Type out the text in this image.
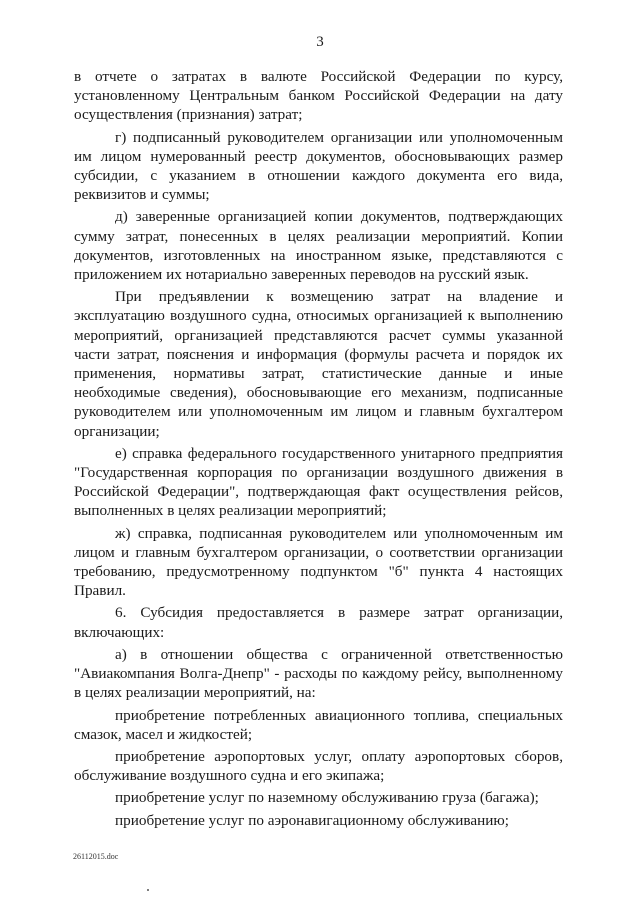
3

в отчете о затратах в валюте Российской Федерации по курсу, установленному Центральным банком Российской Федерации на дату осуществления (признания) затрат;

г) подписанный руководителем организации или уполномоченным им лицом нумерованный реестр документов, обосновывающих размер субсидии, с указанием в отношении каждого документа его вида, реквизитов и суммы;

д) заверенные организацией копии документов, подтверждающих сумму затрат, понесенных в целях реализации мероприятий. Копии документов, изготовленных на иностранном языке, представляются с приложением их нотариально заверенных переводов на русский язык.

При предъявлении к возмещению затрат на владение и эксплуатацию воздушного судна, относимых организацией к выполнению мероприятий, организацией представляются расчет суммы указанной части затрат, пояснения и информация (формулы расчета и порядок их применения, нормативы затрат, статистические данные и иные необходимые сведения), обосновывающие его механизм, подписанные руководителем или уполномоченным им лицом и главным бухгалтером организации;

е) справка федерального государственного унитарного предприятия "Государственная корпорация по организации воздушного движения в Российской Федерации", подтверждающая факт осуществления рейсов, выполненных в целях реализации мероприятий;

ж) справка, подписанная руководителем или уполномоченным им лицом и главным бухгалтером организации, о соответствии организации требованию, предусмотренному подпунктом "б" пункта 4 настоящих Правил.

6. Субсидия предоставляется в размере затрат организации, включающих:

а) в отношении общества с ограниченной ответственностью "Авиакомпания Волга-Днепр" - расходы по каждому рейсу, выполненному в целях реализации мероприятий, на:

приобретение потребленных авиационного топлива, специальных смазок, масел и жидкостей;

приобретение аэропортовых услуг, оплату аэропортовых сборов, обслуживание воздушного судна и его экипажа;

приобретение услуг по наземному обслуживанию груза (багажа);

приобретение услуг по аэронавигационному обслуживанию;

26112015.doc
